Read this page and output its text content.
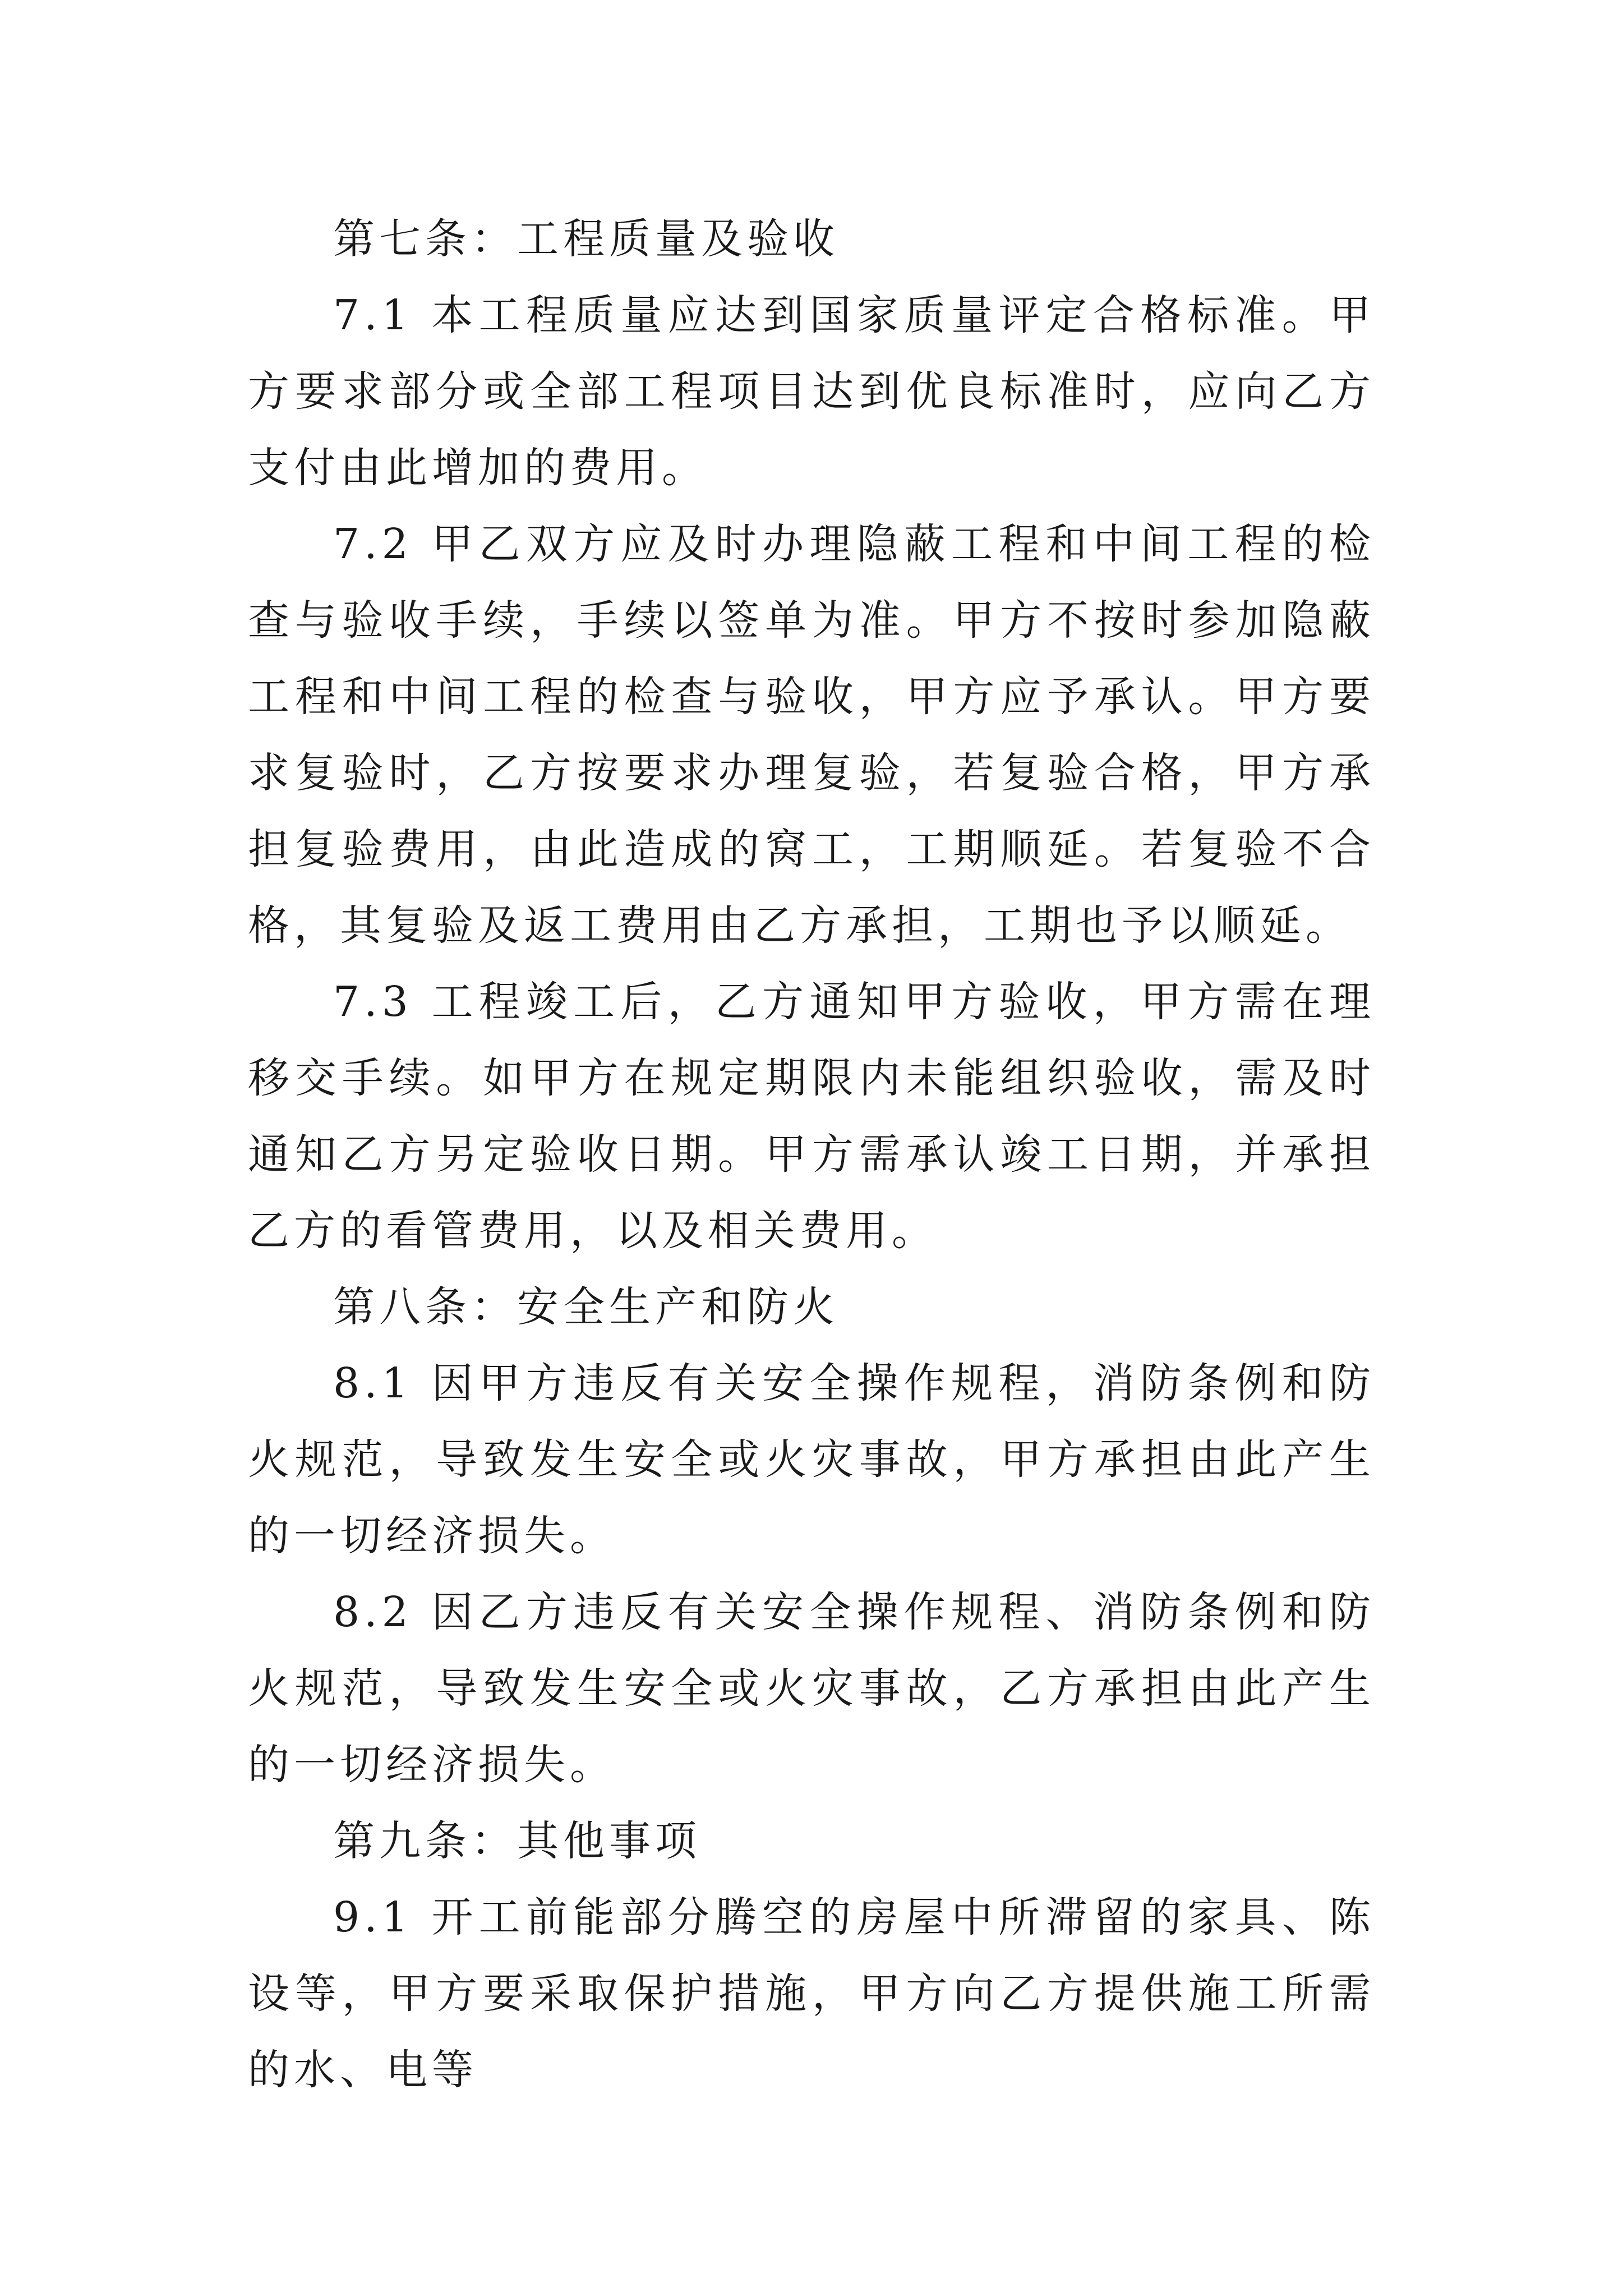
第七条：工程质量及验收

7.1 本工程质量应达到国家质量评定合格标准。甲方要求部分或全部工程项目达到优良标准时，应向乙方支付由此增加的费用。

7.2 甲乙双方应及时办理隐蔽工程和中间工程的检查与验收手续，手续以签单为准。甲方不按时参加隐蔽工程和中间工程的检查与验收，甲方应予承认。甲方要求复验时，乙方按要求办理复验，若复验合格，甲方承担复验费用，由此造成的窝工，工期顺延。若复验不合格，其复验及返工费用由乙方承担，工期也予以顺延。

7.3 工程竣工后，乙方通知甲方验收，甲方需在理移交手续。如甲方在规定期限内未能组织验收，需及时通知乙方另定验收日期。甲方需承认竣工日期，并承担乙方的看管费用，以及相关费用。

第八条：安全生产和防火

8.1 因甲方违反有关安全操作规程，消防条例和防火规范，导致发生安全或火灾事故，甲方承担由此产生的一切经济损失。

8.2 因乙方违反有关安全操作规程、消防条例和防火规范，导致发生安全或火灾事故，乙方承担由此产生的一切经济损失。

第九条：其他事项

9.1 开工前能部分腾空的房屋中所滞留的家具、陈设等，甲方要采取保护措施，甲方向乙方提供施工所需的水、电等
